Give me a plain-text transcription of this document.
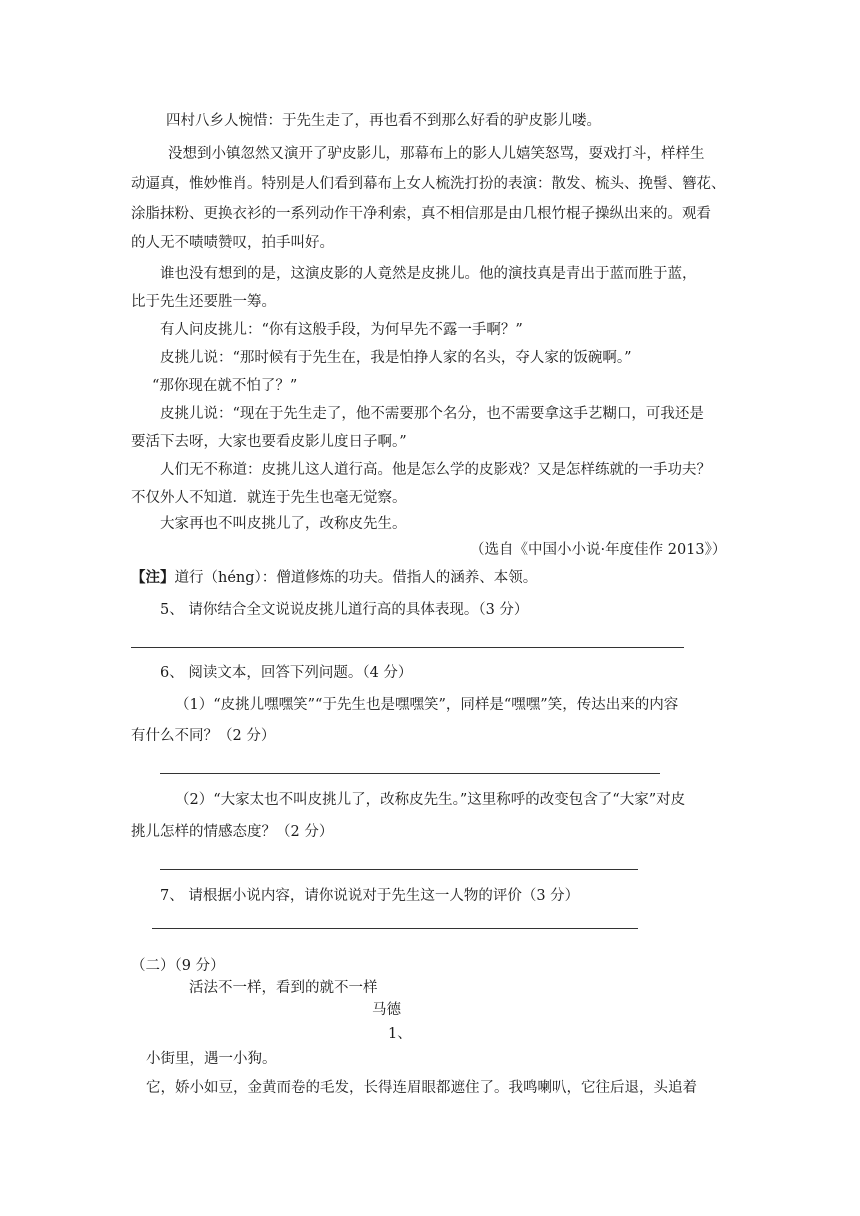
四村八乡人惋惜：于先生走了，再也看不到那么好看的驴皮影儿喽。
没想到小镇忽然又演开了驴皮影儿，那幕布上的影人儿嬉笑怒骂，耍戏打斗，样样生
动逼真，惟妙惟肖。特别是人们看到幕布上女人梳洗打扮的表演：散发、梳头、挽髻、簪花、
涂脂抹粉、更换衣衫的一系列动作干净利索，真不相信那是由几根竹棍子操纵出来的。观看
的人无不啧啧赞叹，拍手叫好。
谁也没有想到的是，这演皮影的人竟然是皮挑儿。他的演技真是青出于蓝而胜于蓝，
比于先生还要胜一筹。
有人问皮挑儿：“你有这般手段，为何早先不露一手啊？”
皮挑儿说：“那时候有于先生在，我是怕挣人家的名头，夺人家的饭碗啊。”
“那你现在就不怕了？”
皮挑儿说：“现在于先生走了，他不需要那个名分，也不需要拿这手艺糊口，可我还是
要活下去呀，大家也要看皮影儿度日子啊。”
人们无不称道：皮挑儿这人道行高。他是怎么学的皮影戏？又是怎样练就的一手功夫？
不仅外人不知道．就连于先生也毫无觉察。
大家再也不叫皮挑儿了，改称皮先生。
（选自《中国小小说·年度佳作 2013》）
【注】道行（héng）：僧道修炼的功夫。借指人的涵养、本领。
5、 请你结合全文说说皮挑儿道行高的具体表现。（3 分）
6、 阅读文本，回答下列问题。（4 分）
（1）“皮挑儿嘿嘿笑”“于先生也是嘿嘿笑”，同样是“嘿嘿”笑，传达出来的内容
有什么不同？（2 分）
（2）“大家太也不叫皮挑儿了，改称皮先生。”这里称呼的改变包含了“大家”对皮
挑儿怎样的情感态度？（2 分）
7、 请根据小说内容，请你说说对于先生这一人物的评价（3 分）
（二）（9 分）
活法不一样，看到的就不一样
马德
1、
小街里，遇一小狗。
它，娇小如豆，金黄而卷的毛发，长得连眉眼都遮住了。我鸣喇叭，它往后退，头追着
